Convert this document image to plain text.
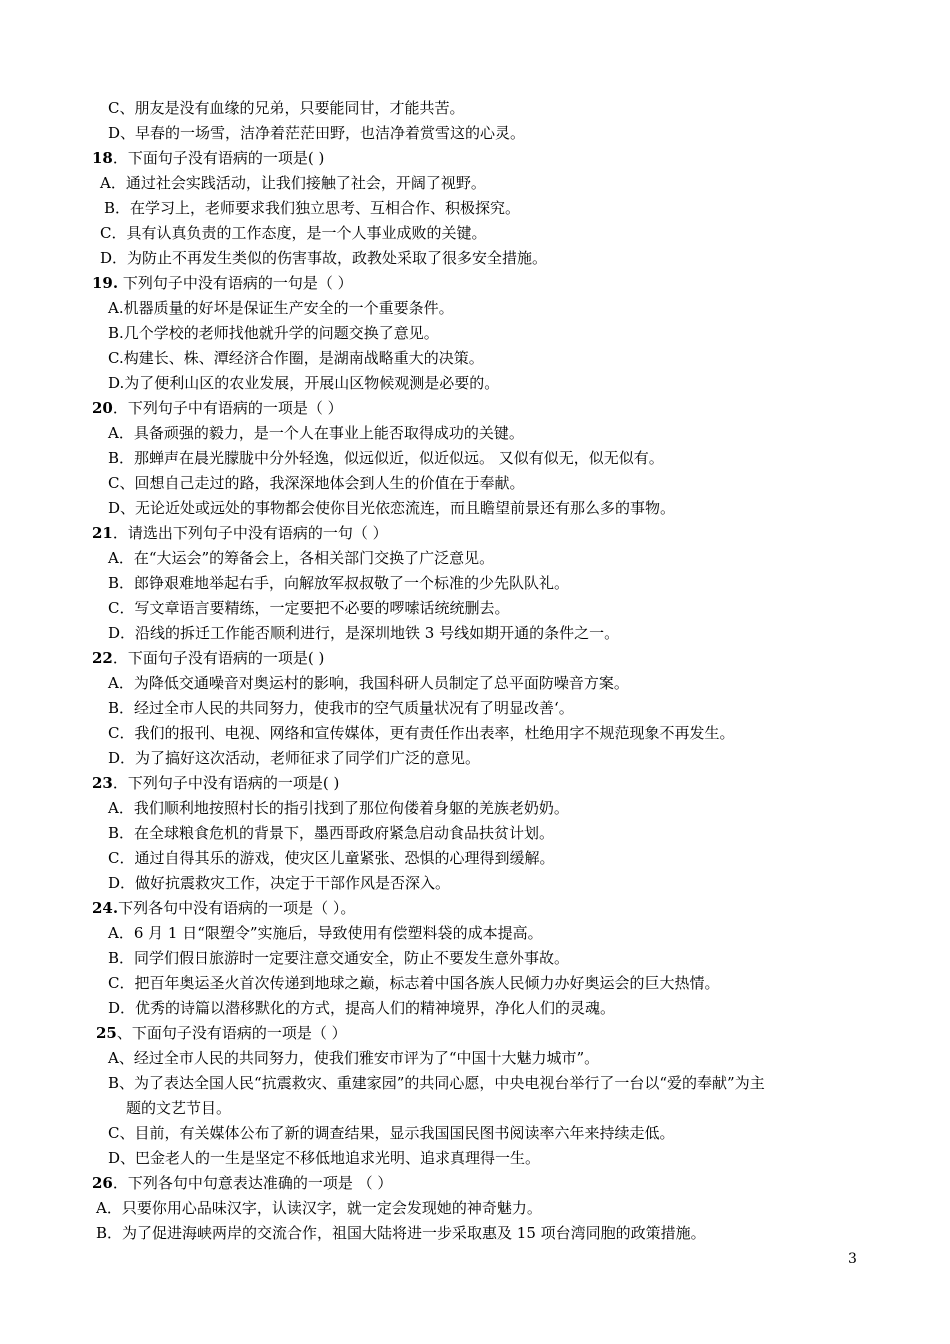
C、朋友是没有血缘的兄弟，只要能同甘，才能共苦。
D、早春的一场雪，洁净着茫茫田野，也洁净着赏雪这的心灵。
18．下面句子没有语病的一项是( )
A．通过社会实践活动，让我们接触了社会，开阔了视野。
B．在学习上，老师要求我们独立思考、互相合作、积极探究。
C．具有认真负责的工作态度，是一个人事业成败的关键。
D．为防止不再发生类似的伤害事故，政教处采取了很多安全措施。
19. 下列句子中没有语病的一句是（ ）
A.机器质量的好坏是保证生产安全的一个重要条件。
B.几个学校的老师找他就升学的问题交换了意见。
C.构建长、株、潭经济合作圈，是湖南战略重大的决策。
D.为了便利山区的农业发展，开展山区物候观测是必要的。
20．下列句子中有语病的一项是（ ）
A．具备顽强的毅力，是一个人在事业上能否取得成功的关键。
B．那蝉声在晨光朦胧中分外轻逸，似远似近，似近似远。 又似有似无，似无似有。
C、回想自己走过的路，我深深地体会到人生的价值在于奉献。
D、无论近处或远处的事物都会使你目光依恋流连，而且瞻望前景还有那么多的事物。
21．请选出下列句子中没有语病的一句（ ）
A．在“大运会”的筹备会上，各相关部门交换了广泛意见。
B．郎铮艰难地举起右手，向解放军叔叔敬了一个标准的少先队队礼。
C．写文章语言要精练，一定要把不必要的啰嗦话统统删去。
D．沿线的拆迁工作能否顺利进行，是深圳地铁 3 号线如期开通的条件之一。
22．下面句子没有语病的一项是( )
A．为降低交通噪音对奥运村的影响，我国科研人员制定了总平面防噪音方案。
B．经过全市人民的共同努力，使我市的空气质量状况有了明显改善‘。
C．我们的报刊、电视、网络和宣传媒体，更有责任作出表率，杜绝用字不规范现象不再发生。
D．为了搞好这次活动，老师征求了同学们广泛的意见。
23．下列句子中没有语病的一项是( )
A．我们顺利地按照村长的指引找到了那位佝偻着身躯的羌族老奶奶。
B．在全球粮食危机的背景下，墨西哥政府紧急启动食品扶贫计划。
C．通过自得其乐的游戏，使灾区儿童紧张、恐惧的心理得到缓解。
D．做好抗震救灾工作，决定于干部作风是否深入。
24.下列各句中没有语病的一项是（ ）。
A．6 月 1 日“限塑令”实施后，导致使用有偿塑料袋的成本提高。
B．同学们假日旅游时一定要注意交通安全，防止不要发生意外事故。
C．把百年奥运圣火首次传递到地球之巅，标志着中国各族人民倾力办好奥运会的巨大热情。
D．优秀的诗篇以潜移默化的方式，提高人们的精神境界，净化人们的灵魂。
25、下面句子没有语病的一项是（ ）
A、经过全市人民的共同努力，使我们雅安市评为了“中国十大魅力城市”。
B、为了表达全国人民“抗震救灾、重建家园”的共同心愿，中央电视台举行了一台以“爱的奉献”为主
题的文艺节目。
C、目前，有关媒体公布了新的调查结果，显示我国国民图书阅读率六年来持续走低。
D、巴金老人的一生是坚定不移低地追求光明、追求真理得一生。
26．下列各句中句意表达准确的一项是 （ ）
A．只要你用心品味汉字，认读汉字，就一定会发现她的神奇魅力。
B．为了促进海峡两岸的交流合作，祖国大陆将进一步采取惠及 15 项台湾同胞的政策措施。
3
